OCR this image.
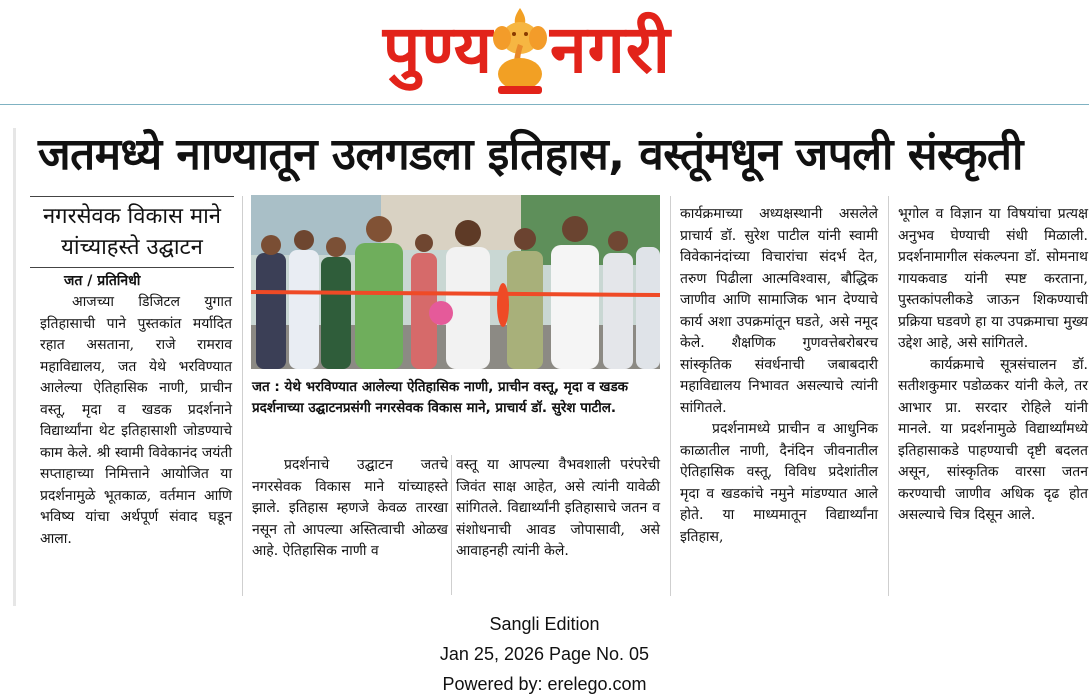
पुण्य नगरी
जतमध्ये नाण्यातून उलगडला इतिहास, वस्तूंमधून जपली संस्कृती
नगरसेवक विकास माने
यांच्याहस्ते उद्घाटन
जत / प्रतिनिधी

आजच्या डिजिटल युगात इतिहासाची पाने पुस्तकांत मर्यादित रहात असताना, राजे रामराव महाविद्यालय, जत येथे भरविण्यात आलेल्या ऐतिहासिक नाणी, प्राचीन वस्तू, मृदा व खडक प्रदर्शनाने विद्यार्थ्यांना थेट इतिहासाशी जोडण्याचे काम केले. श्री स्वामी विवेकानंद जयंती सप्ताहाच्या निमित्ताने आयोजित या प्रदर्शनामुळे भूतकाळ, वर्तमान आणि भविष्य यांचा अर्थपूर्ण संवाद घडून आला.

जत : येथे भरविण्यात आलेल्या ऐतिहासिक नाणी, प्राचीन वस्तू, मृदा व खडक प्रदर्शनाच्या उद्घाटनप्रसंगी नगरसेवक विकास माने, प्राचार्य डॉ. सुरेश पाटील.

प्रदर्शनाचे उद्घाटन जतचे नगरसेवक विकास माने यांच्याहस्ते झाले. इतिहास म्हणजे केवळ तारखा नसून तो आपल्या अस्तित्वाची ओळख आहे. ऐतिहासिक नाणी व

वस्तू या आपल्या वैभवशाली परंपरेची जिवंत साक्ष आहेत, असे त्यांनी यावेळी सांगितले. विद्यार्थ्यांनी इतिहासाचे जतन व संशोधनाची आवड जोपासावी, असे आवाहनही त्यांनी केले.

कार्यक्रमाच्या अध्यक्षस्थानी असलेले प्राचार्य डॉ. सुरेश पाटील यांनी स्वामी विवेकानंदांच्या विचारांचा संदर्भ देत, तरुण पिढीला आत्मविश्वास, बौद्धिक जाणीव आणि सामाजिक भान देण्याचे कार्य अशा उपक्रमांतून घडते, असे नमूद केले. शैक्षणिक गुणवत्तेबरोबरच सांस्कृतिक संवर्धनाची जबाबदारी महाविद्यालय निभावत असल्याचे त्यांनी सांगितले.

प्रदर्शनामध्ये प्राचीन व आधुनिक काळातील नाणी, दैनंदिन जीवनातील ऐतिहासिक वस्तू, विविध प्रदेशांतील मृदा व खडकांचे नमुने मांडण्यात आले होते. या माध्यमातून विद्यार्थ्यांना इतिहास,

भूगोल व विज्ञान या विषयांचा प्रत्यक्ष अनुभव घेण्याची संधी मिळाली. प्रदर्शनामागील संकल्पना डॉ. सोमनाथ गायकवाड यांनी स्पष्ट करताना, पुस्तकांपलीकडे जाऊन शिकण्याची प्रक्रिया घडवणे हा या उपक्रमाचा मुख्य उद्देश आहे, असे सांगितले.

कार्यक्रमाचे सूत्रसंचालन डॉ. सतीशकुमार पडोळकर यांनी केले, तर आभार प्रा. सरदार रोहिले यांनी मानले. या प्रदर्शनामुळे विद्यार्थ्यांमध्ये इतिहासाकडे पाहण्याची दृष्टी बदलत असून, सांस्कृतिक वारसा जतन करण्याची जाणीव अधिक दृढ होत असल्याचे चित्र दिसून आले.

Sangli Edition
Jan 25, 2026 Page No. 05
Powered by: erelego.com
